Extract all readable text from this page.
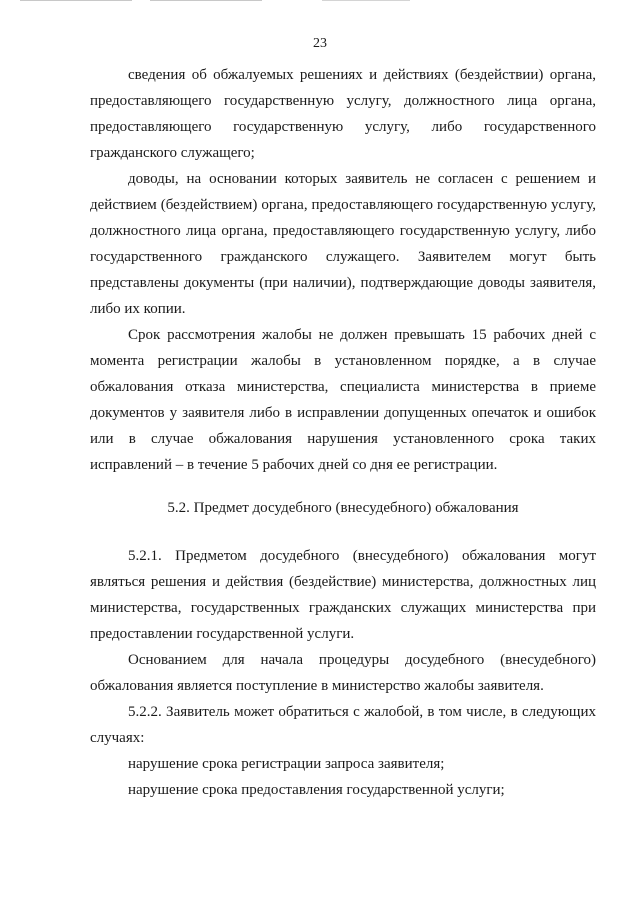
23

сведения об обжалуемых решениях и действиях (бездействии) органа, предоставляющего государственную услугу, должностного лица органа, предоставляющего государственную услугу, либо государственного гражданского служащего;

доводы, на основании которых заявитель не согласен с решением и действием (бездействием) органа, предоставляющего государственную услугу, должностного лица органа, предоставляющего государственную услугу, либо государственного гражданского служащего. Заявителем могут быть представлены документы (при наличии), подтверждающие доводы заявителя, либо их копии.

Срок рассмотрения жалобы не должен превышать 15 рабочих дней с момента регистрации жалобы в установленном порядке, а в случае обжалования отказа министерства, специалиста министерства в приеме документов у заявителя либо в исправлении допущенных опечаток и ошибок или в случае обжалования нарушения установленного срока таких исправлений – в течение 5 рабочих дней со дня ее регистрации.

5.2. Предмет досудебного (внесудебного) обжалования

5.2.1. Предметом досудебного (внесудебного) обжалования могут являться решения и действия (бездействие) министерства, должностных лиц министерства, государственных гражданских служащих министерства при предоставлении государственной услуги.

Основанием для начала процедуры досудебного (внесудебного) обжалования является поступление в министерство жалобы заявителя.

5.2.2. Заявитель может обратиться с жалобой, в том числе, в следующих случаях:

нарушение срока регистрации запроса заявителя;

нарушение срока предоставления государственной услуги;
